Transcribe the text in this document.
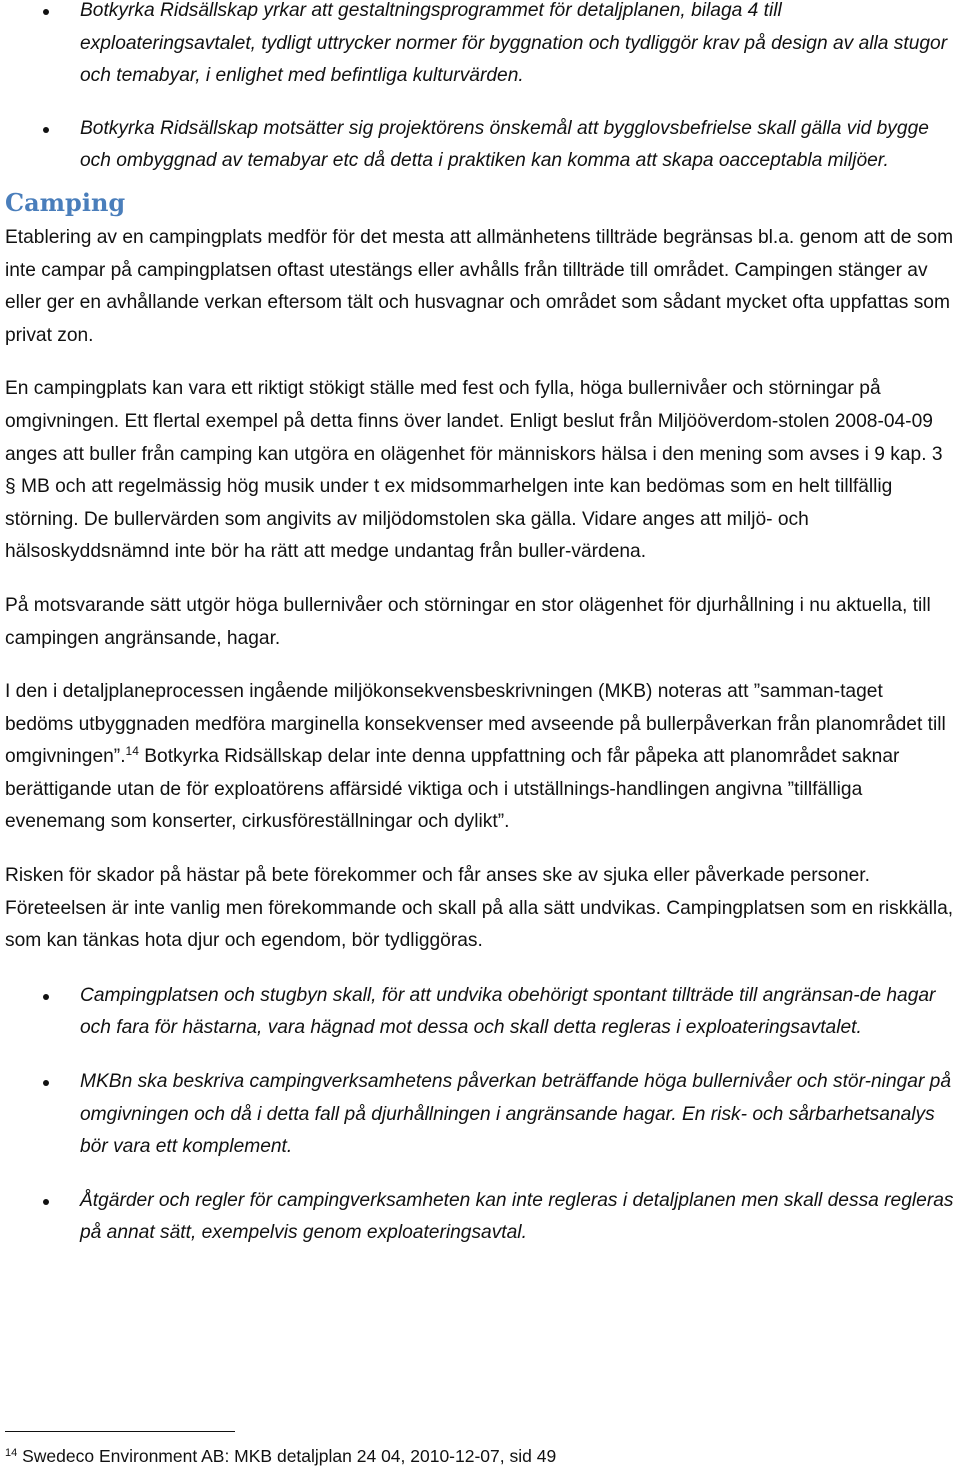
Botkyrka Ridsällskap yrkar att gestaltningsprogrammet för detaljplanen, bilaga 4 till exploateringsavtalet, tydligt uttrycker normer för byggnation och tydliggör krav på design av alla stugor och temabyar, i enlighet med befintliga kulturvärden.
Botkyrka Ridsällskap motsätter sig projektörens önskemål att bygglovsbefrielse skall gälla vid bygge och ombyggnad av temabyar etc då detta i praktiken kan komma att skapa oacceptabla miljöer.
Camping

Etablering av en campingplats medför för det mesta att allmänhetens tillträde begränsas bl.a. genom att de som inte campar på campingplatsen oftast utestängs eller avhålls från tillträde till området. Campingen stänger av eller ger en avhållande verkan eftersom tält och husvagnar och området som sådant mycket ofta uppfattas som privat zon.

En campingplats kan vara ett riktigt stökigt ställe med fest och fylla, höga bullernivåer och störningar på omgivningen. Ett flertal exempel på detta finns över landet. Enligt beslut från Miljööverdom-stolen 2008-04-09 anges att buller från camping kan utgöra en olägenhet för människors hälsa i den mening som avses i 9 kap. 3 § MB och att regelmässig hög musik under t ex midsommarhelgen inte kan bedömas som en helt tillfällig störning. De bullervärden som angivits av miljödomstolen ska gälla. Vidare anges att miljö- och hälsoskyddsnämnd inte bör ha rätt att medge undantag från buller-värdena.

På motsvarande sätt utgör höga bullernivåer och störningar en stor olägenhet för djurhållning i nu aktuella, till campingen angränsande, hagar.

I den i detaljplaneprocessen ingående miljökonsekvensbeskrivningen (MKB) noteras att ”samman-taget bedöms utbyggnaden medföra marginella konsekvenser med avseende på bullerpåverkan från planområdet till omgivningen”.$^{14}$ Botkyrka Ridsällskap delar inte denna uppfattning och får påpeka att planområdet saknar berättigande utan de för exploatörens affärsidé viktiga och i utställnings-handlingen angivna ”tillfälliga evenemang som konserter, cirkusföreställningar och dylikt”.

Risken för skador på hästar på bete förekommer och får anses ske av sjuka eller påverkade personer. Företeelsen är inte vanlig men förekommande och skall på alla sätt undvikas. Campingplatsen som en riskkälla, som kan tänkas hota djur och egendom, bör tydliggöras.

Campingplatsen och stugbyn skall, för att undvika obehörigt spontant tillträde till angränsan-de hagar och fara för hästarna, vara hägnad mot dessa och skall detta regleras i exploateringsavtalet.
MKBn ska beskriva campingverksamhetens påverkan beträffande höga bullernivåer och stör-ningar på omgivningen och då i detta fall på djurhållningen i angränsande hagar. En risk- och sårbarhetsanalys bör vara ett komplement.
Åtgärder och regler för campingverksamheten kan inte regleras i detaljplanen men skall dessa regleras på annat sätt, exempelvis genom exploateringsavtal.
$^{14}$ Swedeco Environment AB: MKB detaljplan 24 04, 2010-12-07, sid 49
